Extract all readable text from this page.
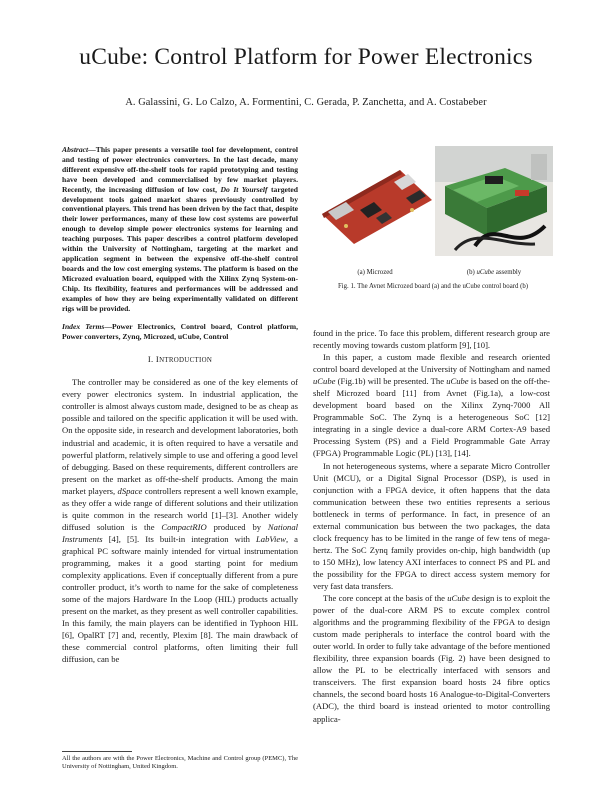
uCube: Control Platform for Power Electronics
A. Galassini, G. Lo Calzo, A. Formentini, C. Gerada, P. Zanchetta, and A. Costabeber
Abstract—This paper presents a versatile tool for development, control and testing of power electronics converters. In the last decade, many different expensive off-the-shelf tools for rapid prototyping and testing have been developed and commercialised by few market players. Recently, the increasing diffusion of low cost, Do It Yourself targeted development tools gained market shares previously controlled by conventional players. This trend has been driven by the fact that, despite their lower performances, many of these low cost systems are powerful enough to develop simple power electronics systems for learning and teaching purposes. This paper describes a control platform developed within the University of Nottingham, targeting at the market and application segment in between the expensive off-the-shelf control boards and the low cost emerging systems. The platform is based on the Microzed evaluation board, equipped with the Xilinx Zynq System-on-Chip. Its flexibility, features and performances will be addressed and examples of how they are being experimentally validated on different rigs will be provided.
Index Terms—Power Electronics, Control board, Control platform, Power converters, Zynq, Microzed, uCube, Control
I. INTRODUCTION

The controller may be considered as one of the key elements of every power electronics system. In industrial application, the controller is almost always custom made, designed to be as cheap as possible and tailored on the specific application it will be used with. On the opposite side, in research and development laboratories, both industrial and academic, it is often required to have a versatile and powerful platform, relatively simple to use and offering a good level of debugging. Based on these requirements, different controllers are present on the market as off-the-shelf products. Among the main market players, dSpace controllers represent a well known example, as they offer a wide range of different solutions and their utilization is quite common in the research world [1]–[3]. Another widely diffused solution is the CompactRIO produced by National Instruments [4], [5]. Its built-in integration with LabView, a graphical PC software mainly intended for virtual instrumentation programming, makes it a good starting point for medium complexity applications. Even if conceptually different from a pure controller product, it’s worth to name for the sake of completeness some of the majors Hardware In the Loop (HIL) products actually present on the market, as they present as well controller capabilities. In this family, the main players can be identified in Typhoon HIL [6], OpalRT [7] and, recently, Plexim [8]. The main drawback of these commercial control platforms, often limiting their full diffusion, can be

All the authors are with the Power Electronics, Machine and Control group (PEMC), The University of Nottingham, United Kingdom.
(a) Microzed	(b) uCube assembly
Fig. 1. The Avnet Microzed board (a) and the uCube control board (b)

found in the price. To face this problem, different research group are recently moving towards custom platform [9], [10].

In this paper, a custom made flexible and research oriented control board developed at the University of Nottingham and named uCube (Fig.1b) will be presented. The uCube is based on the off-the-shelf Microzed board [11] from Avnet (Fig.1a), a low-cost development board based on the Xilinx Zynq-7000 All Programmable SoC. The Zynq is a heterogeneous SoC [12] integrating in a single device a dual-core ARM Cortex-A9 based Processing System (PS) and a Field Programmable Gate Array (FPGA) Programmable Logic (PL) [13], [14].

In not heterogeneous systems, where a separate Micro Controller Unit (MCU), or a Digital Signal Processor (DSP), is used in conjunction with a FPGA device, it often happens that the data communication between these two entities represents a serious bottleneck in terms of performance. In fact, in presence of an external communication bus between the two packages, the data clock frequency has to be limited in the range of few tens of mega-hertz. The SoC Zynq family provides on-chip, high bandwidth (up to 150 MHz), low latency AXI interfaces to connect PS and PL and the possibility for the FPGA to direct access system memory for very fast data transfers.

The core concept at the basis of the uCube design is to exploit the power of the dual-core ARM PS to excute complex control algorithms and the programming flexibility of the FPGA to design custom made peripherals to interface the control board with the outer world. In order to fully take advantage of the before mentioned flexibility, three expansion boards (Fig. 2) have been designed to allow the PL to be electrically interfaced with sensors and transceivers. The first expansion board hosts 24 fibre optics channels, the second board hosts 16 Analogue-to-Digital-Converters (ADC), the third board is instead oriented to motor controlling applica-
